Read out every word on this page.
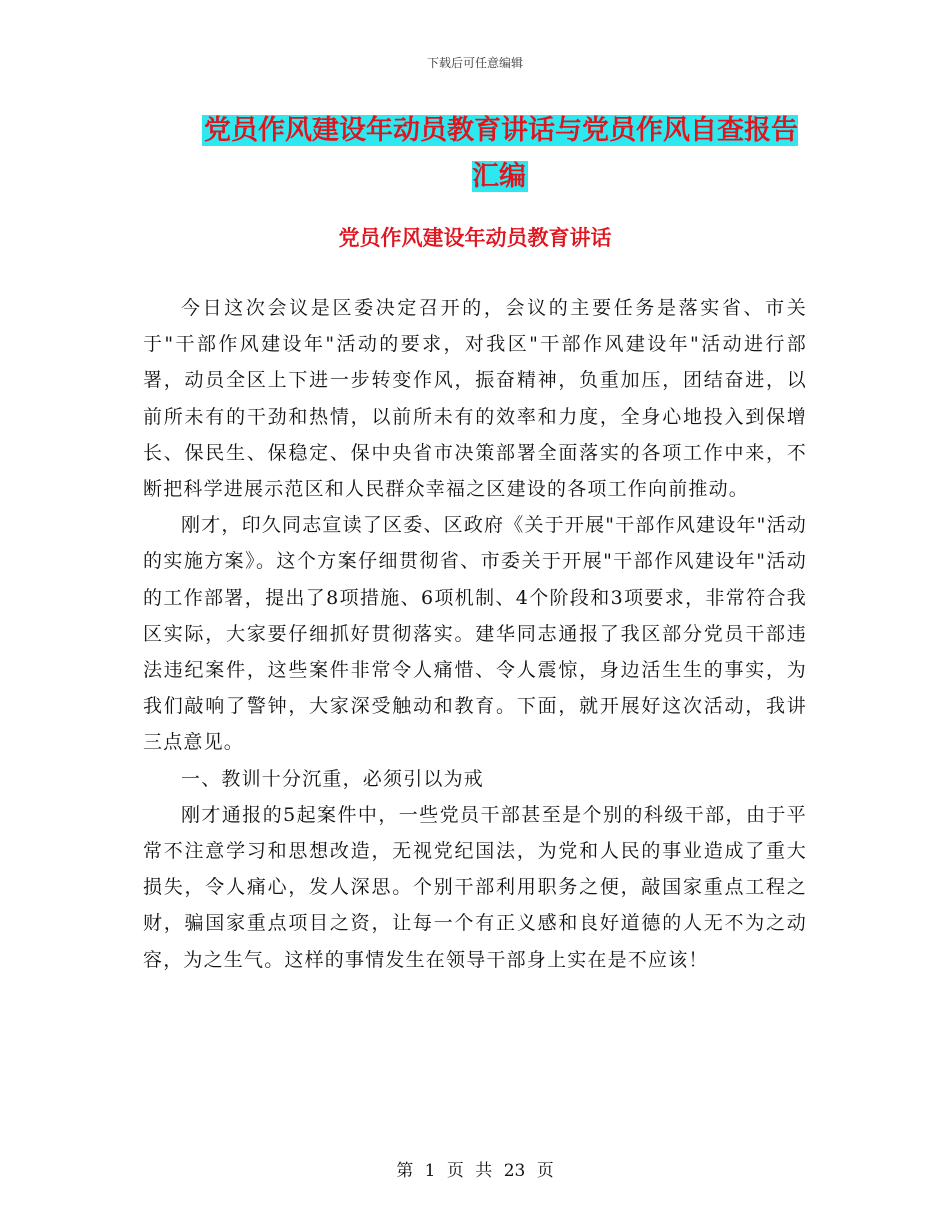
下载后可任意编辑
党员作风建设年动员教育讲话与党员作风自查报告汇编
党员作风建设年动员教育讲话

今日这次会议是区委决定召开的，会议的主要任务是落实省、市关于"干部作风建设年"活动的要求，对我区"干部作风建设年"活动进行部署，动员全区上下进一步转变作风，振奋精神，负重加压，团结奋进，以前所未有的干劲和热情，以前所未有的效率和力度，全身心地投入到保增长、保民生、保稳定、保中央省市决策部署全面落实的各项工作中来，不断把科学进展示范区和人民群众幸福之区建设的各项工作向前推动。

刚才，印久同志宣读了区委、区政府《关于开展"干部作风建设年"活动的实施方案》。这个方案仔细贯彻省、市委关于开展"干部作风建设年"活动的工作部署，提出了8项措施、6项机制、4个阶段和3项要求，非常符合我区实际，大家要仔细抓好贯彻落实。建华同志通报了我区部分党员干部违法违纪案件，这些案件非常令人痛惜、令人震惊，身边活生生的事实，为我们敲响了警钟，大家深受触动和教育。下面，就开展好这次活动，我讲三点意见。

一、教训十分沉重，必须引以为戒

刚才通报的5起案件中，一些党员干部甚至是个别的科级干部，由于平常不注意学习和思想改造，无视党纪国法，为党和人民的事业造成了重大损失，令人痛心，发人深思。个别干部利用职务之便，敲国家重点工程之财，骗国家重点项目之资，让每一个有正义感和良好道德的人无不为之动容，为之生气。这样的事情发生在领导干部身上实在是不应该！

第 1 页 共 23 页
